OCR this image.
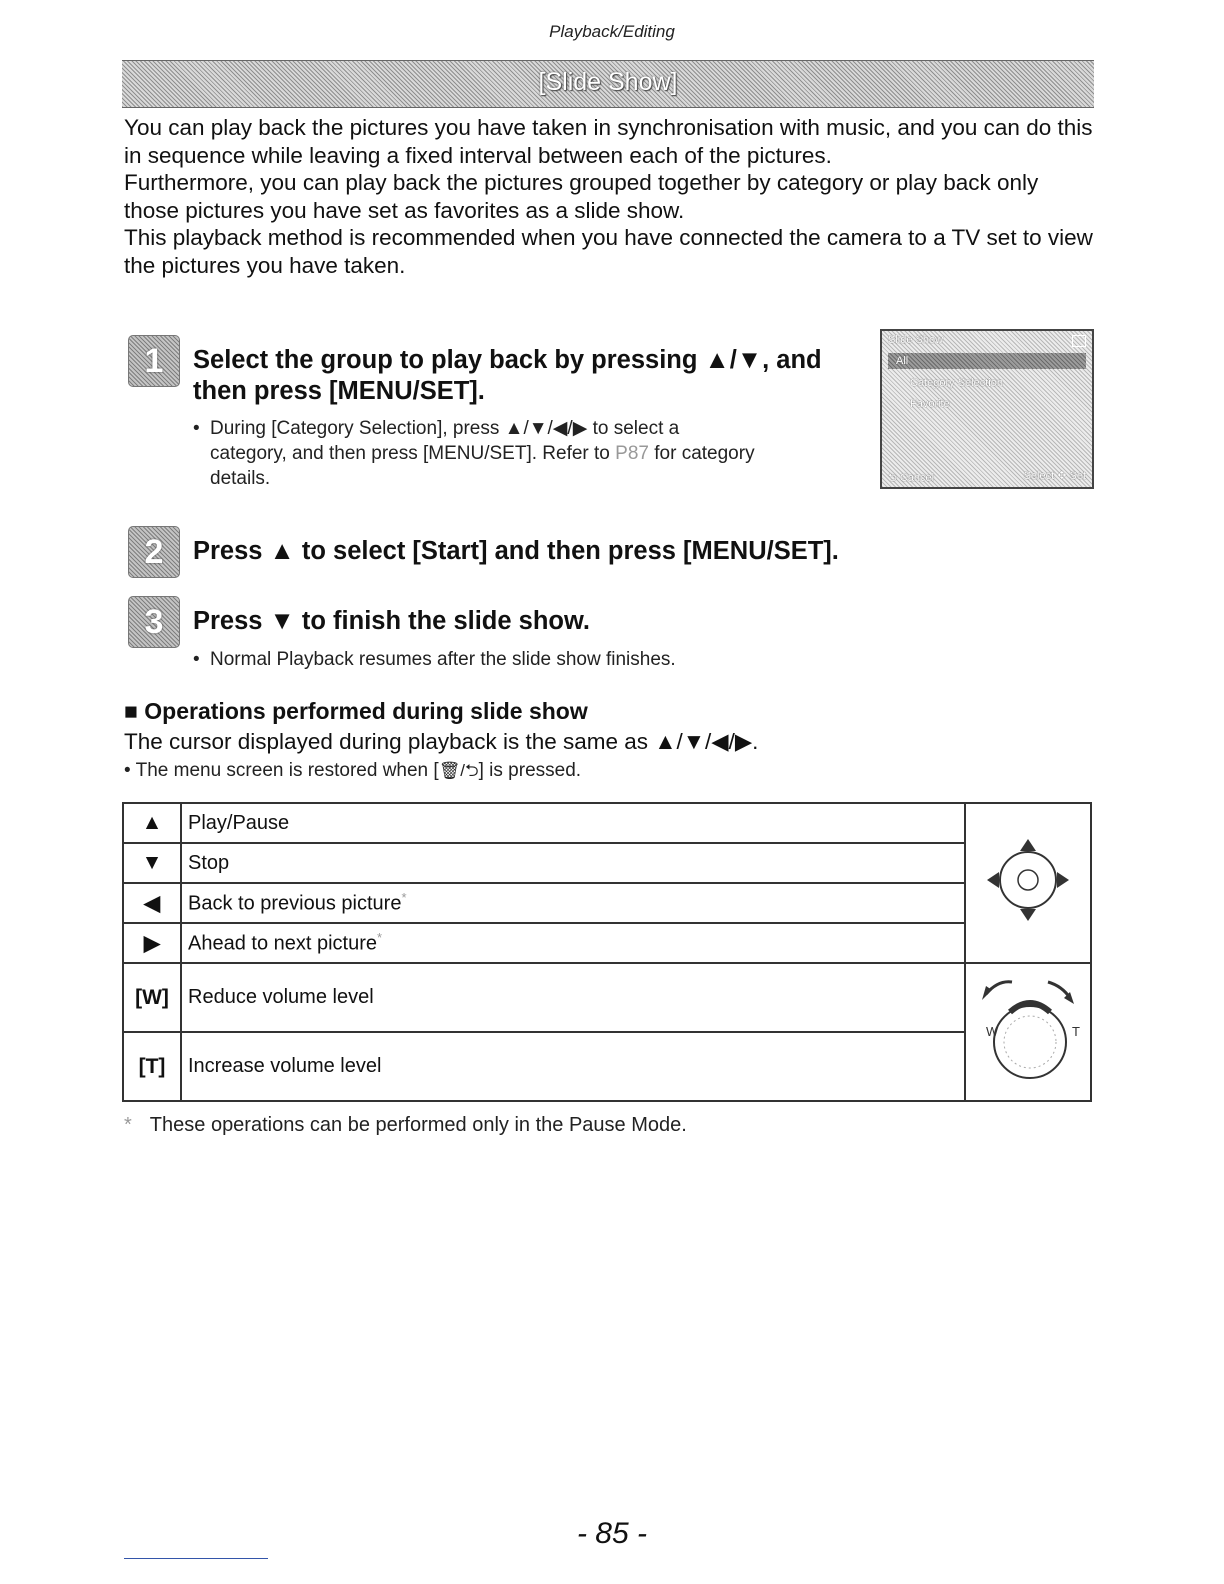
Playback/Editing
[Slide Show]

You can play back the pictures you have taken in synchronisation with music, and you can do this in sequence while leaving a fixed interval between each of the pictures.

Furthermore, you can play back the pictures grouped together by category or play back only those pictures you have set as favorites as a slide show.

This playback method is recommended when you have connected the camera to a TV set to view the pictures you have taken.

1	Select the group to play back by pressing ▲/▼, and
then press [MENU/SET].
• During [Category Selection], press ▲/▼/◀/▶ to select a
category, and then press [MENU/SET]. Refer to P87 for category
details.
Slide Show
All
Category Selection
Favorite
⮌ Cancel	Select ✥ Set
2	Press ▲ to select [Start] and then press [MENU/SET].
3	Press ▼ to finish the slide show.
• Normal Playback resumes after the slide show finishes.
■ Operations performed during slide show
The cursor displayed during playback is the same as ▲/▼/◀/▶.
• The menu screen is restored when [🗑/⮌] is pressed.
▲	Play/Pause	
▼	Stop	
◀	Back to previous picture*
▶	Ahead to next picture*
[W]	Reduce volume level	W T

[T]	Increase volume level	
* These operations can be performed only in the Pause Mode.
- 85 -
